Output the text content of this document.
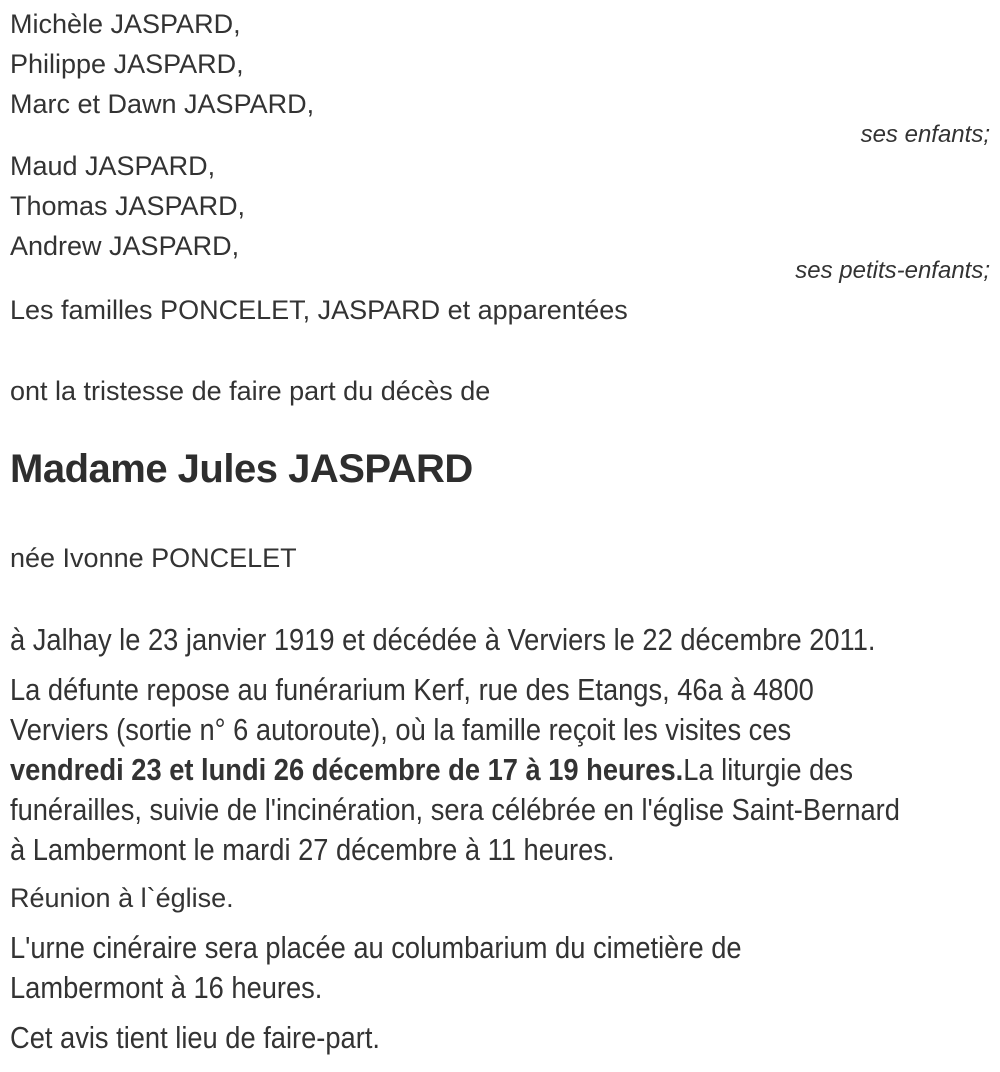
Michèle JASPARD,
Philippe JASPARD,
Marc et Dawn JASPARD,
ses enfants;
Maud JASPARD,
Thomas JASPARD,
Andrew JASPARD,
ses petits-enfants;
Les familles PONCELET, JASPARD et apparentées

ont la tristesse de faire part du décès de

Madame Jules JASPARD

née Ivonne PONCELET

à Jalhay le 23 janvier 1919 et décédée à Verviers le 22 décembre 2011.

La défunte repose au funérarium Kerf, rue des Etangs, 46a à 4800
Verviers (sortie n° 6 autoroute), où la famille reçoit les visites ces
vendredi 23 et lundi 26 décembre de 17 à 19 heures.La liturgie des
funérailles, suivie de l'incinération, sera célébrée en l'église Saint-Bernard
à Lambermont le mardi 27 décembre à 11 heures.

Réunion à l`église.

L'urne cinéraire sera placée au columbarium du cimetière de
Lambermont à 16 heures.

Cet avis tient lieu de faire-part.
